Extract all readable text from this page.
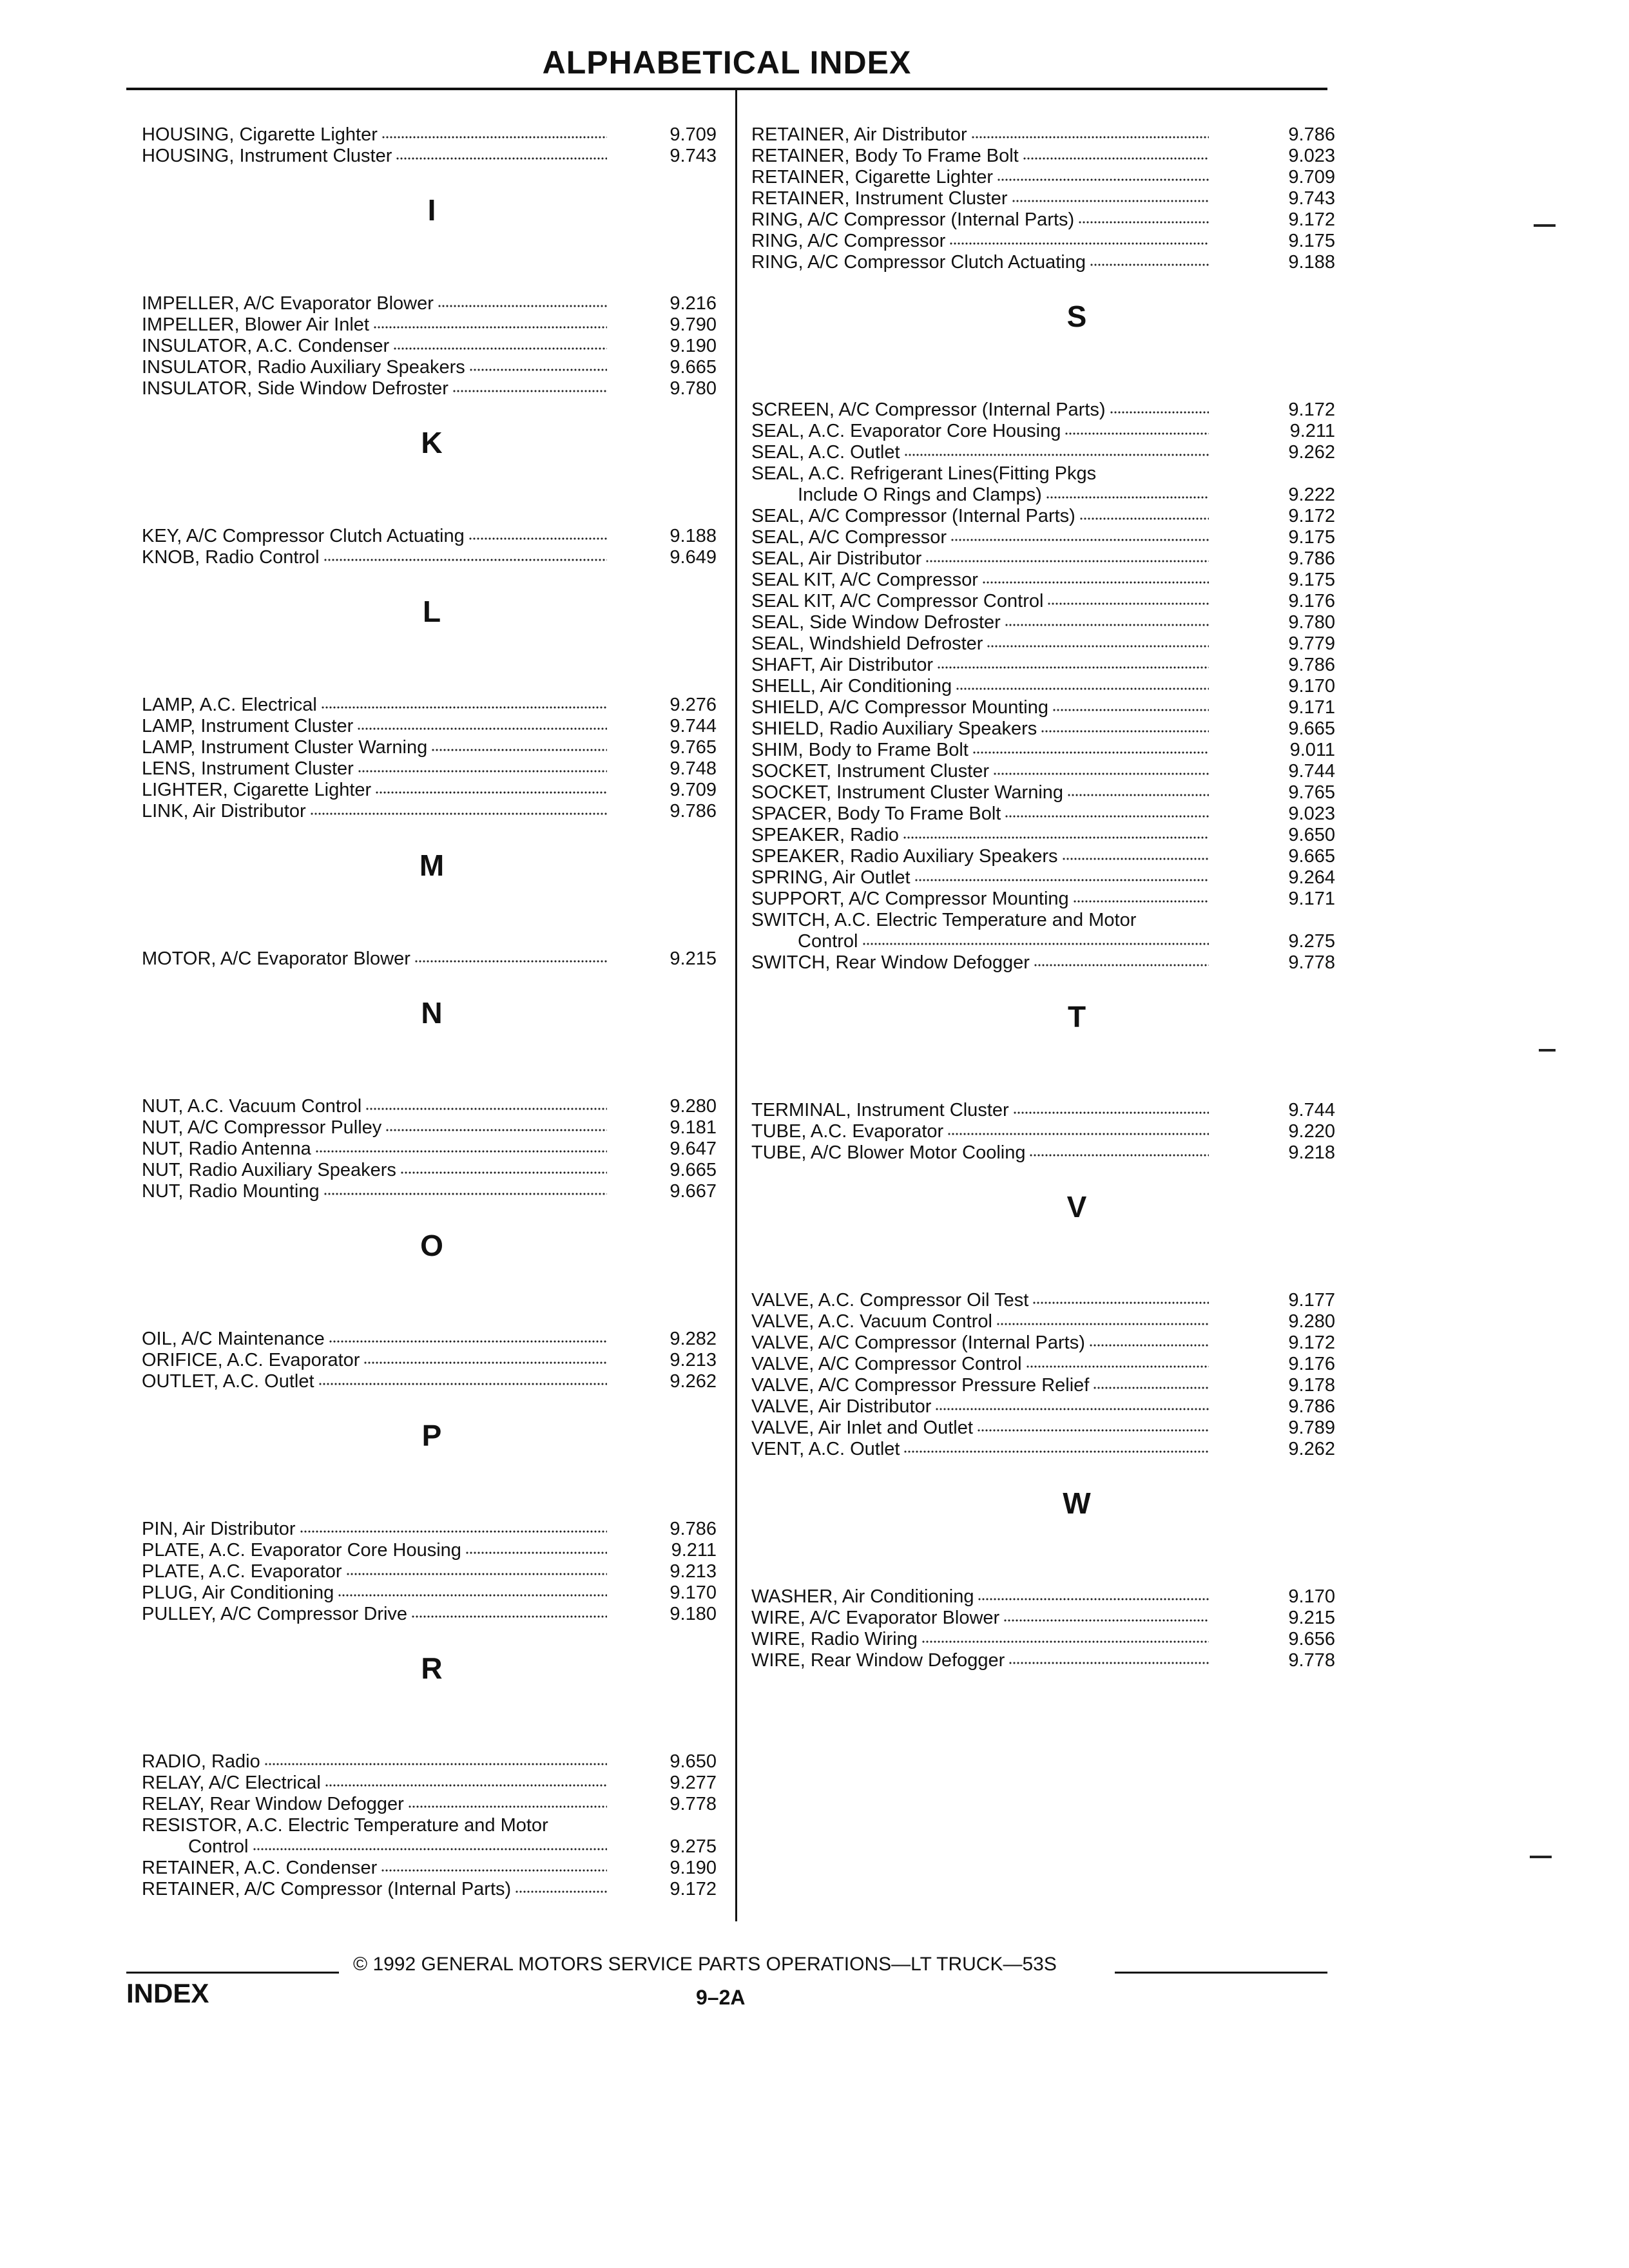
ALPHABETICAL INDEX
HOUSING, Cigarette Lighter	9.709
HOUSING, Instrument Cluster	9.743
I
IMPELLER, A/C Evaporator Blower	9.216
IMPELLER, Blower Air Inlet	9.790
INSULATOR, A.C. Condenser	9.190
INSULATOR, Radio Auxiliary Speakers	9.665
INSULATOR, Side Window Defroster	9.780
K
KEY, A/C Compressor Clutch Actuating	9.188
KNOB, Radio Control	9.649
L
LAMP, A.C. Electrical	9.276
LAMP, Instrument Cluster	9.744
LAMP, Instrument Cluster Warning	9.765
LENS, Instrument Cluster	9.748
LIGHTER, Cigarette Lighter	9.709
LINK, Air Distributor	9.786
M
MOTOR, A/C Evaporator Blower	9.215
N
NUT, A.C. Vacuum Control	9.280
NUT, A/C Compressor Pulley	9.181
NUT, Radio Antenna	9.647
NUT, Radio Auxiliary Speakers	9.665
NUT, Radio Mounting	9.667
O
OIL, A/C Maintenance	9.282
ORIFICE, A.C. Evaporator	9.213
OUTLET, A.C. Outlet	9.262
P
PIN, Air Distributor	9.786
PLATE, A.C. Evaporator Core Housing	9.211
PLATE, A.C. Evaporator	9.213
PLUG, Air Conditioning	9.170
PULLEY, A/C Compressor Drive	9.180
R
RADIO, Radio	9.650
RELAY, A/C Electrical	9.277
RELAY, Rear Window Defogger	9.778
RESISTOR, A.C. Electric Temperature and Motor
Control	9.275
RETAINER, A.C. Condenser	9.190
RETAINER, A/C Compressor (Internal Parts)	9.172
RETAINER, Air Distributor	9.786
RETAINER, Body To Frame Bolt	9.023
RETAINER, Cigarette Lighter	9.709
RETAINER, Instrument Cluster	9.743
RING, A/C Compressor (Internal Parts)	9.172
RING, A/C Compressor	9.175
RING, A/C Compressor Clutch Actuating	9.188
S
SCREEN, A/C Compressor (Internal Parts)	9.172
SEAL, A.C. Evaporator Core Housing	9.211
SEAL, A.C. Outlet	9.262
SEAL, A.C. Refrigerant Lines(Fitting Pkgs
Include O Rings and Clamps)	9.222
SEAL, A/C Compressor (Internal Parts)	9.172
SEAL, A/C Compressor	9.175
SEAL, Air Distributor	9.786
SEAL KIT, A/C Compressor	9.175
SEAL KIT, A/C Compressor Control	9.176
SEAL, Side Window Defroster	9.780
SEAL, Windshield Defroster	9.779
SHAFT, Air Distributor	9.786
SHELL, Air Conditioning	9.170
SHIELD, A/C Compressor Mounting	9.171
SHIELD, Radio Auxiliary Speakers	9.665
SHIM, Body to Frame Bolt	9.011
SOCKET, Instrument Cluster	9.744
SOCKET, Instrument Cluster Warning	9.765
SPACER, Body To Frame Bolt	9.023
SPEAKER, Radio	9.650
SPEAKER, Radio Auxiliary Speakers	9.665
SPRING, Air Outlet	9.264
SUPPORT, A/C Compressor Mounting	9.171
SWITCH, A.C. Electric Temperature and Motor
Control	9.275
SWITCH, Rear Window Defogger	9.778
T
TERMINAL, Instrument Cluster	9.744
TUBE, A.C. Evaporator	9.220
TUBE, A/C Blower Motor Cooling	9.218
V
VALVE, A.C. Compressor Oil Test	9.177
VALVE, A.C. Vacuum Control	9.280
VALVE, A/C Compressor (Internal Parts)	9.172
VALVE, A/C Compressor Control	9.176
VALVE, A/C Compressor Pressure Relief	9.178
VALVE, Air Distributor	9.786
VALVE, Air Inlet and Outlet	9.789
VENT, A.C. Outlet	9.262
W
WASHER, Air Conditioning	9.170
WIRE, A/C Evaporator Blower	9.215
WIRE, Radio Wiring	9.656
WIRE, Rear Window Defogger	9.778
© 1992 GENERAL MOTORS SERVICE PARTS OPERATIONS—LT TRUCK—53S
INDEX	9–2A
